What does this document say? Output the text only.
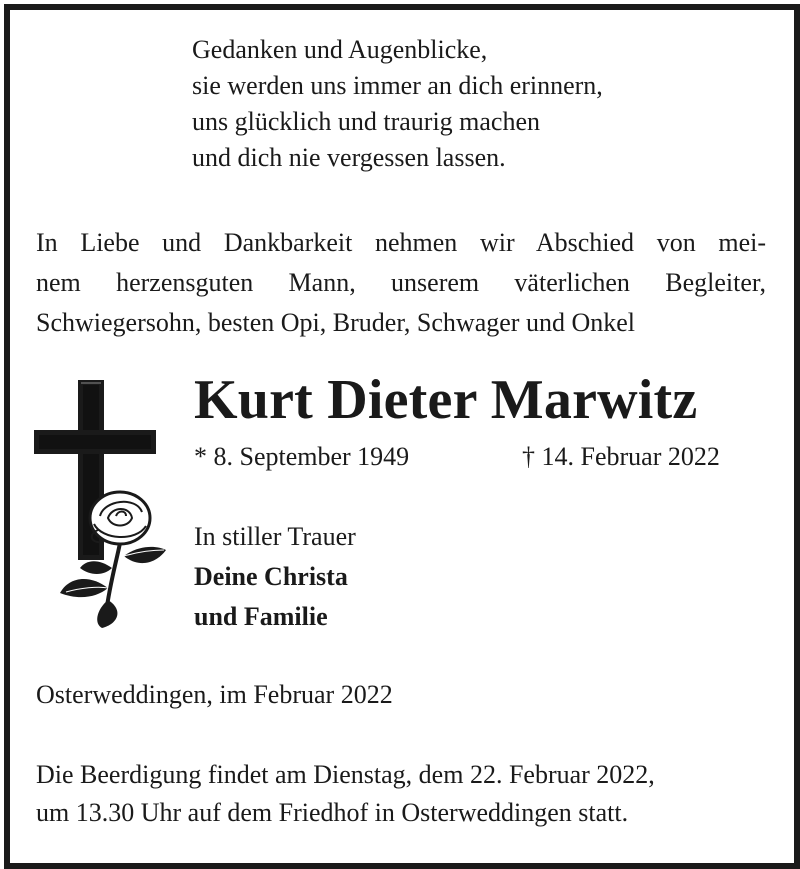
Gedanken und Augenblicke,
sie werden uns immer an dich erinnern,
uns glücklich und traurig machen
und dich nie vergessen lassen.
In Liebe und Dankbarkeit nehmen wir Abschied von mei-
nem herzensguten Mann, unserem väterlichen Begleiter,
Schwiegersohn, besten Opi, Bruder, Schwager und Onkel
Kurt Dieter Marwitz
* 8. September 1949	† 14. Februar 2022
In stiller Trauer
Deine Christa
und Familie
Osterweddingen, im Februar 2022
Die Beerdigung findet am Dienstag, dem 22. Februar 2022,
um 13.30 Uhr auf dem Friedhof in Osterweddingen statt.
